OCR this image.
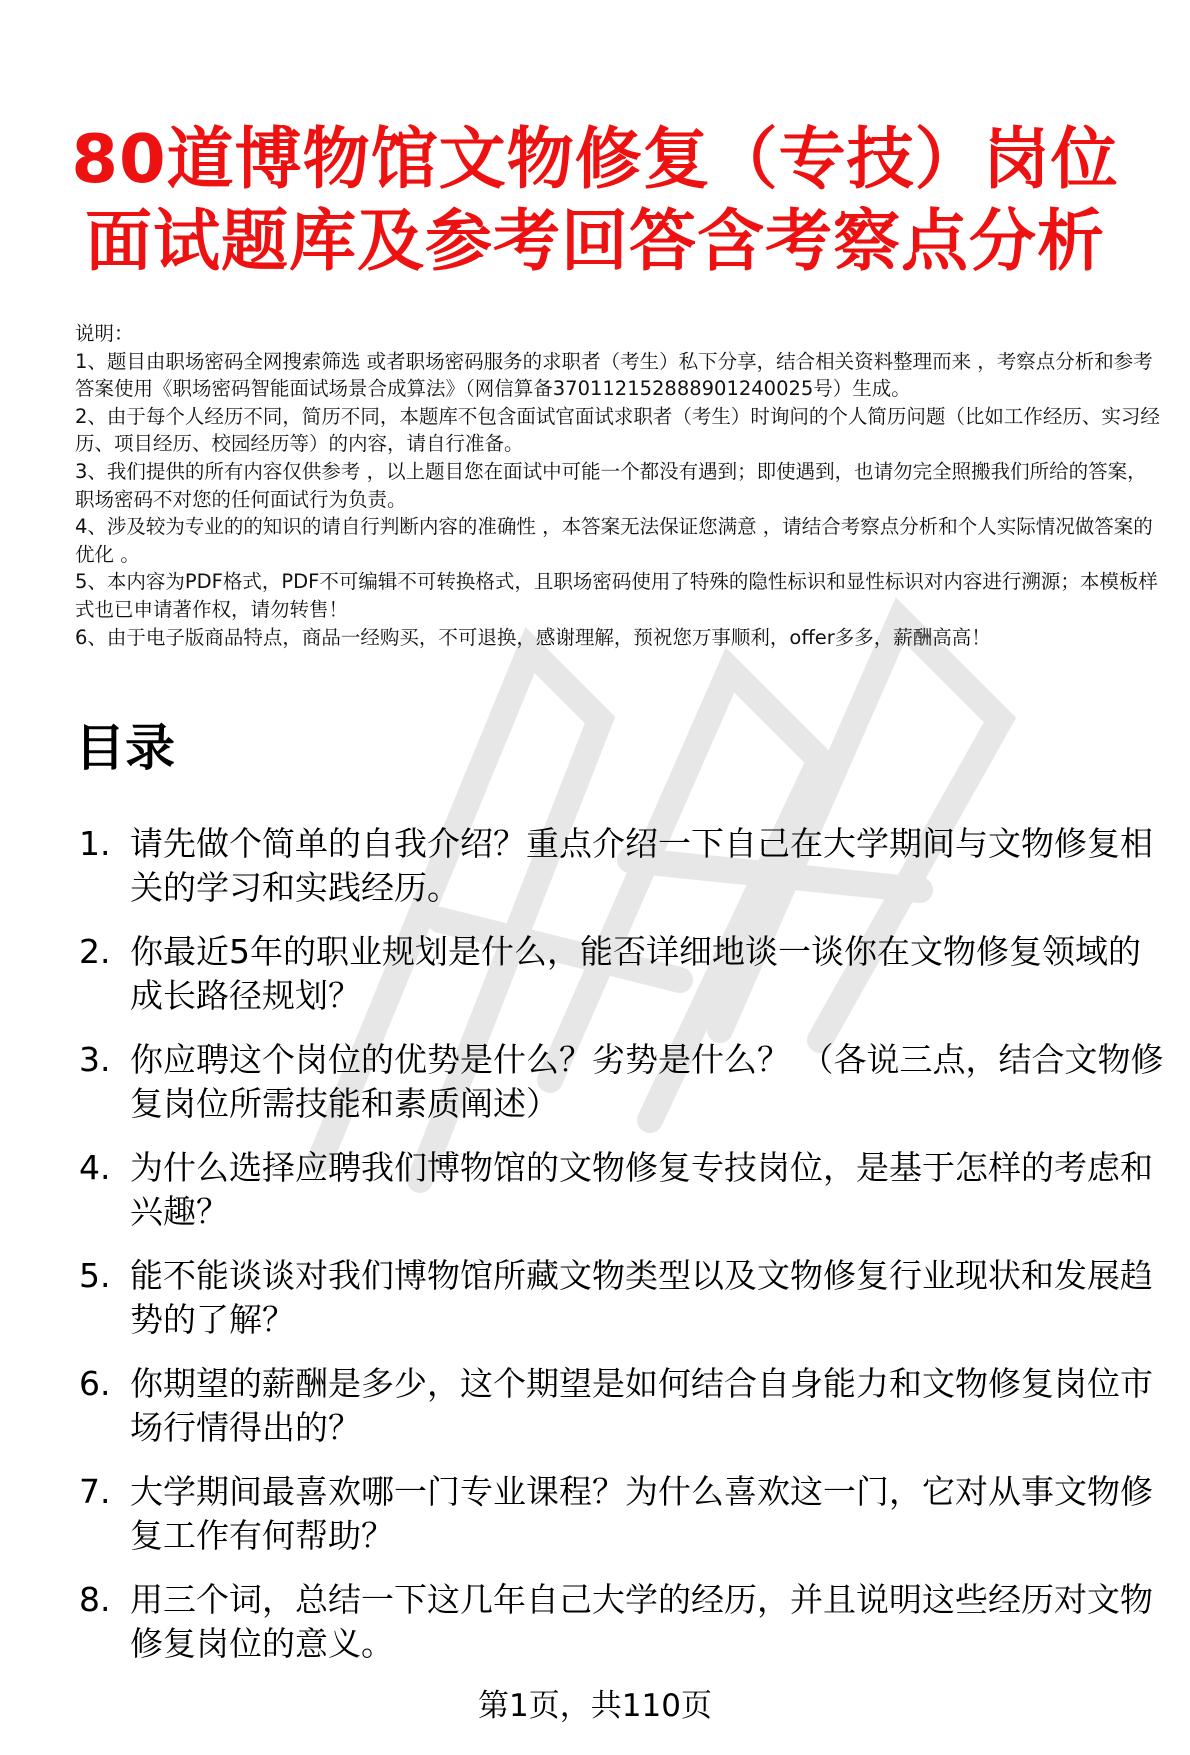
80道博物馆文物修复（专技）岗位
面试题库及参考回答含考察点分析

说明：

1、题目由职场密码全网搜索筛选 或者职场密码服务的求职者（考生）私下分享，结合相关资料整理而来 ，考察点分析和参考答案使用《职场密码智能面试场景合成算法》（网信算备370112152888901240025号）生成。

2、由于每个人经历不同，简历不同，本题库不包含面试官面试求职者（考生）时询问的个人简历问题（比如工作经历、实习经历、项目经历、校园经历等）的内容，请自行准备。

3、我们提供的所有内容仅供参考 ，以上题目您在面试中可能一个都没有遇到；即使遇到，也请勿完全照搬我们所给的答案，职场密码不对您的任何面试行为负责。

4、涉及较为专业的的知识的请自行判断内容的准确性 ，本答案无法保证您满意 ，请结合考察点分析和个人实际情况做答案的优化 。

5、本内容为PDF格式，PDF不可编辑不可转换格式，且职场密码使用了特殊的隐性标识和显性标识对内容进行溯源；本模板样式也已申请著作权，请勿转售！

6、由于电子版商品特点，商品一经购买，不可退换，感谢理解，预祝您万事顺利，offer多多，薪酬高高！

目录
1. 请先做个简单的自我介绍？重点介绍一下自己在大学期间与文物修复相关的学习和实践经历。
2. 你最近5年的职业规划是什么，能否详细地谈一谈你在文物修复领域的成长路径规划？
3. 你应聘这个岗位的优势是什么？劣势是什么？ （各说三点，结合文物修复岗位所需技能和素质阐述）
4. 为什么选择应聘我们博物馆的文物修复专技岗位，是基于怎样的考虑和兴趣？
5. 能不能谈谈对我们博物馆所藏文物类型以及文物修复行业现状和发展趋势的了解？
6. 你期望的薪酬是多少，这个期望是如何结合自身能力和文物修复岗位市场行情得出的？
7. 大学期间最喜欢哪一门专业课程？为什么喜欢这一门，它对从事文物修复工作有何帮助？
8. 用三个词，总结一下这几年自己大学的经历，并且说明这些经历对文物修复岗位的意义。
第1页，共110页
